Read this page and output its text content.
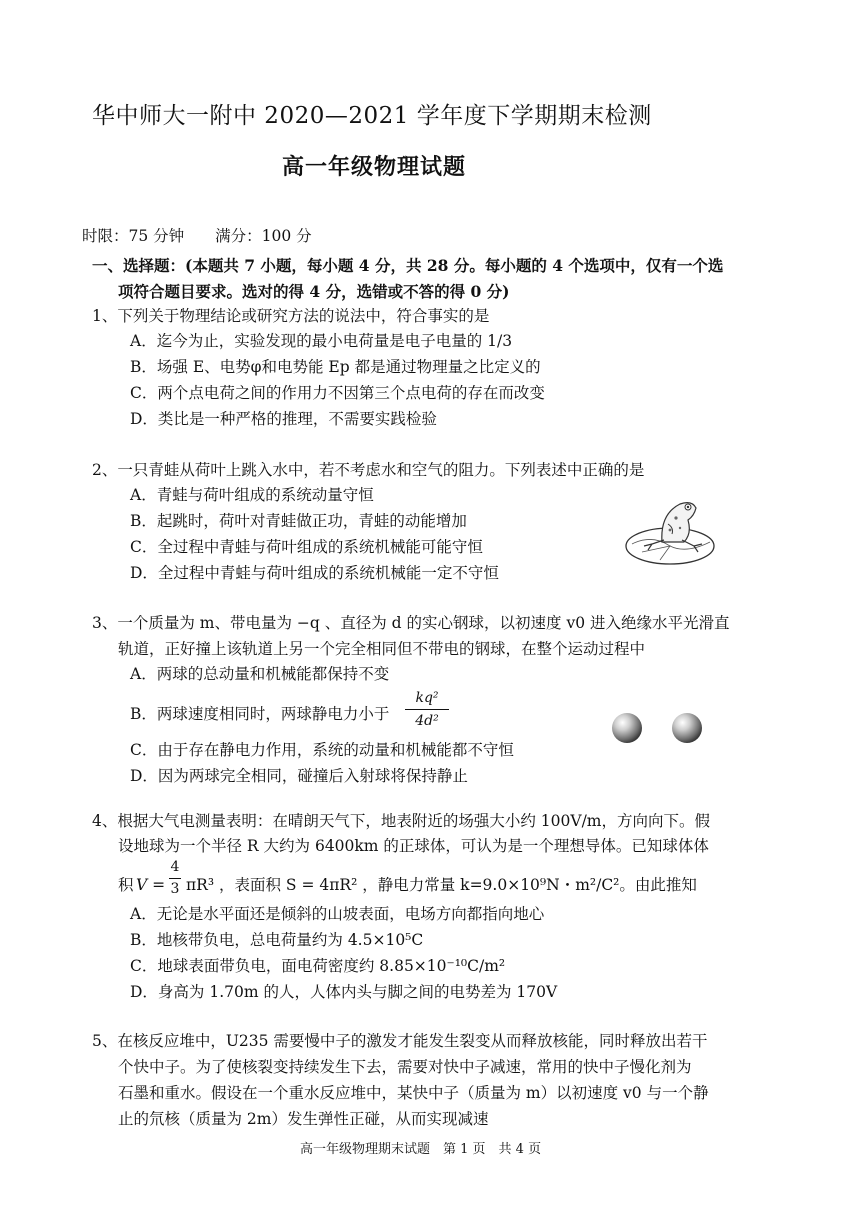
华中师大一附中 2020—2021 学年度下学期期末检测
高一年级物理试题
时限：75 分钟　　满分：100 分
一、选择题：(本题共 7 小题，每小题 4 分，共 28 分。每小题的 4 个选项中，仅有一个选
项符合题目要求。选对的得 4 分，选错或不答的得 0 分)
1、下列关于物理结论或研究方法的说法中，符合事实的是
A．迄今为止，实验发现的最小电荷量是电子电量的 1/3
B．场强 E、电势φ和电势能 Ep 都是通过物理量之比定义的
C．两个点电荷之间的作用力不因第三个点电荷的存在而改变
D．类比是一种严格的推理，不需要实践检验
2、一只青蛙从荷叶上跳入水中，若不考虑水和空气的阻力。下列表述中正确的是
A．青蛙与荷叶组成的系统动量守恒
B．起跳时，荷叶对青蛙做正功，青蛙的动能增加
C．全过程中青蛙与荷叶组成的系统机械能可能守恒
D．全过程中青蛙与荷叶组成的系统机械能一定不守恒
3、一个质量为 m、带电量为 −q 、直径为 d 的实心钢球，以初速度 v0 进入绝缘水平光滑直
轨道，正好撞上该轨道上另一个完全相同但不带电的钢球，在整个运动过程中
A．两球的总动量和机械能都保持不变
B．两球速度相同时，两球静电力小于
kq²
4d²
C．由于存在静电力作用，系统的动量和机械能都不守恒
D．因为两球完全相同，碰撞后入射球将保持静止
4、根据大气电测量表明：在晴朗天气下，地表附近的场强大小约 100V/m，方向向下。假
设地球为一个半径 R 大约为 6400km 的正球体，可认为是一个理想导体。已知球体体
积 V =
4
3 πR³ ，表面积 S = 4πR² ，静电力常量 k=9.0×10⁹N・m²/C²。由此推知
A．无论是水平面还是倾斜的山坡表面，电场方向都指向地心
B．地核带负电，总电荷量约为 4.5×10⁵C
C．地球表面带负电，面电荷密度约 8.85×10⁻¹⁰C/m²
D．身高为 1.70m 的人，人体内头与脚之间的电势差为 170V
5、在核反应堆中，U235 需要慢中子的激发才能发生裂变从而释放核能，同时释放出若干
个快中子。为了使核裂变持续发生下去，需要对快中子减速，常用的快中子慢化剂为
石墨和重水。假设在一个重水反应堆中，某快中子（质量为 m）以初速度 v0 与一个静
止的氘核（质量为 2m）发生弹性正碰，从而实现减速
高一年级物理期末试题　第 1 页　共 4 页
